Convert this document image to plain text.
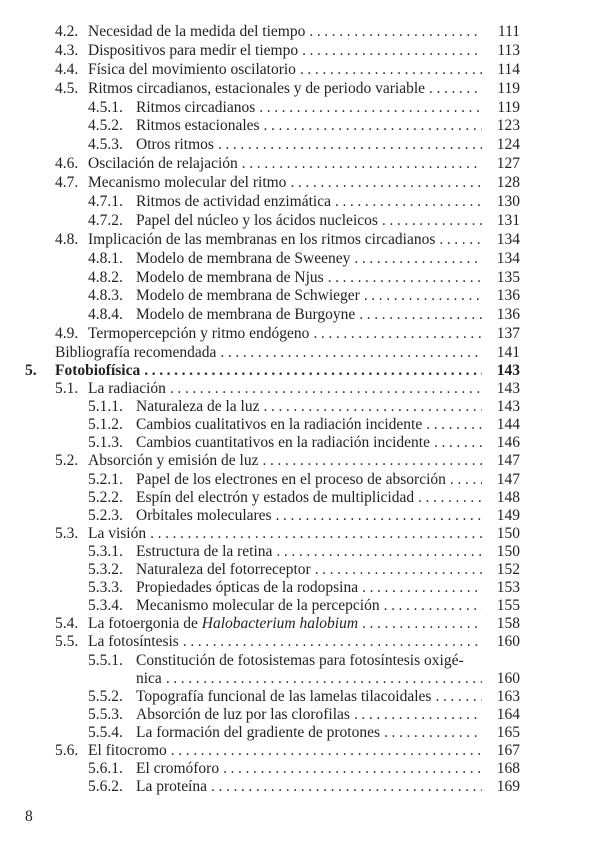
4.2. Necesidad de la medida del tiempo .....	111
4.3. Dispositivos para medir el tiempo .....	113
4.4. Física del movimiento oscilatorio .....	114
4.5. Ritmos circadianos, estacionales y de periodo variable .....	119
4.5.1. Ritmos circadianos .....	119
4.5.2. Ritmos estacionales .....	123
4.5.3. Otros ritmos .....	124
4.6. Oscilación de relajación .....	127
4.7. Mecanismo molecular del ritmo .....	128
4.7.1. Ritmos de actividad enzimática .....	130
4.7.2. Papel del núcleo y los ácidos nucleicos .....	131
4.8. Implicación de las membranas en los ritmos circadianos .....	134
4.8.1. Modelo de membrana de Sweeney .....	134
4.8.2. Modelo de membrana de Njus .....	135
4.8.3. Modelo de membrana de Schwieger .....	136
4.8.4. Modelo de membrana de Burgoyne .....	136
4.9. Termopercepción y ritmo endógeno .....	137
Bibliografía recomendada .....	141
5. Fotobiofísica .....	143
5.1. La radiación .....	143
5.1.1. Naturaleza de la luz .....	143
5.1.2. Cambios cualitativos en la radiación incidente .....	144
5.1.3. Cambios cuantitativos en la radiación incidente .....	146
5.2. Absorción y emisión de luz .....	147
5.2.1. Papel de los electrones en el proceso de absorción .....	147
5.2.2. Espín del electrón y estados de multiplicidad .....	148
5.2.3. Orbitales moleculares .....	149
5.3. La visión .....	150
5.3.1. Estructura de la retina .....	150
5.3.2. Naturaleza del fotorreceptor .....	152
5.3.3. Propiedades ópticas de la rodopsina .....	153
5.3.4. Mecanismo molecular de la percepción .....	155
5.4. La fotoergonia de Halobacterium halobium .....	158
5.5. La fotosíntesis .....	160
5.5.1. Constitución de fotosistemas para fotosíntesis oxigé-
nica .....	160
5.5.2. Topografía funcional de las lamelas tilacoidales .....	163
5.5.3. Absorción de luz por las clorofilas .....	164
5.5.4. La formación del gradiente de protones .....	165
5.6. El fitocromo .....	167
5.6.1. El cromóforo .....	168
5.6.2. La proteína .....	169
8
